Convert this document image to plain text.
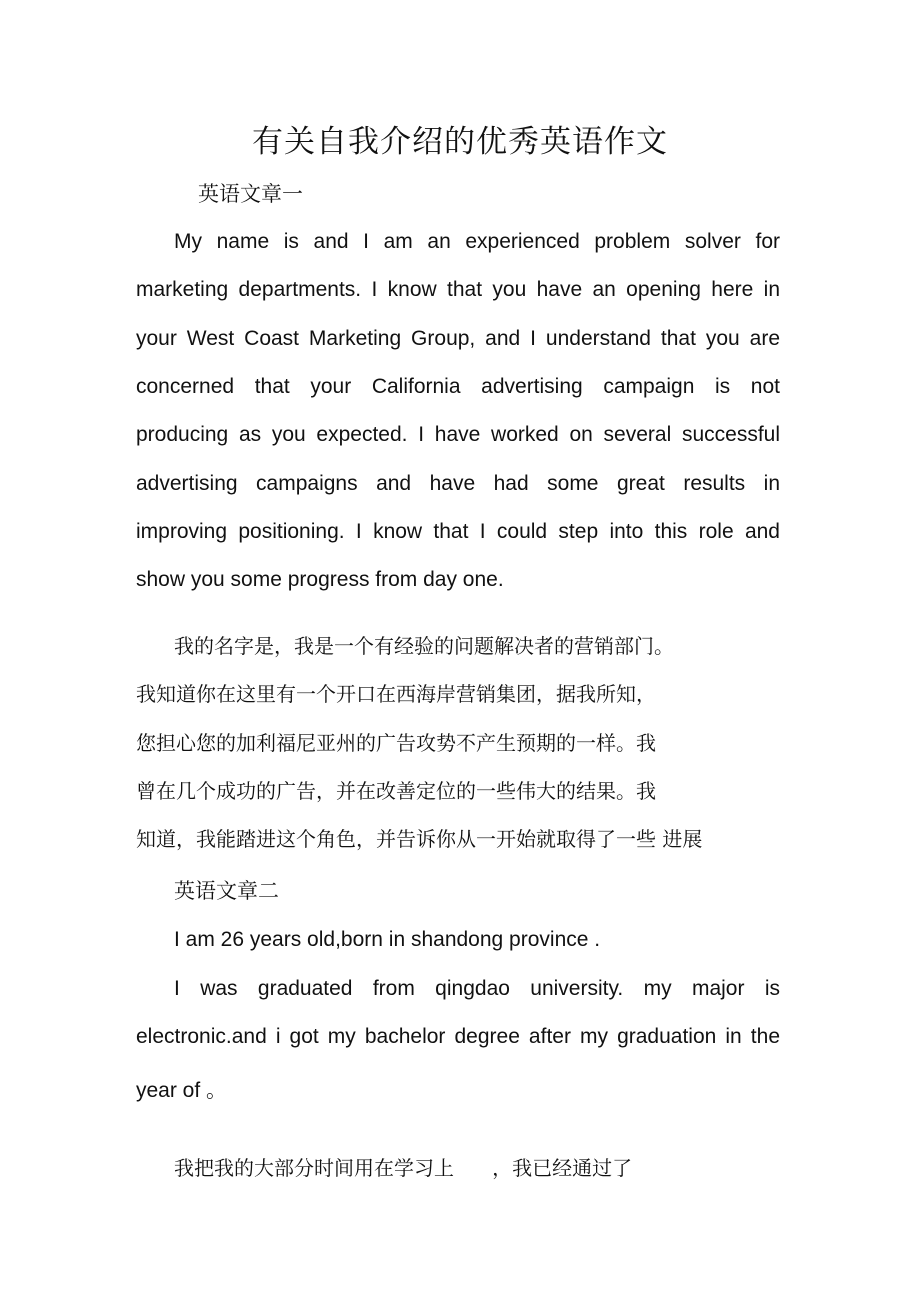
有关自我介绍的优秀英语作文
英语文章一

My name is and I am an experienced problem solver for

marketing departments. I know that you have an opening here in

your West Coast Marketing Group, and I understand that you are

concerned that your California advertising campaign is not

producing as you expected. I have worked on several successful

advertising campaigns and have had some great results in

improving positioning. I know that I could step into this role and

show you some progress from day one.

我的名字是，我是一个有经验的问题解决者的营销部门。

我知道你在这里有一个开口在西海岸营销集团，据我所知，

您担心您的加利福尼亚州的广告攻势不产生预期的一样。我

曾在几个成功的广告，并在改善定位的一些伟大的结果。我

知道，我能踏进这个角色，并告诉你从一开始就取得了一些 进展

英语文章二

I am 26 years old,born in shandong province .

I was graduated from qingdao university. my major is

electronic.and i got my bachelor degree after my graduation in the

year of 。

我把我的大部分时间用在学习上      ，我已经通过了
